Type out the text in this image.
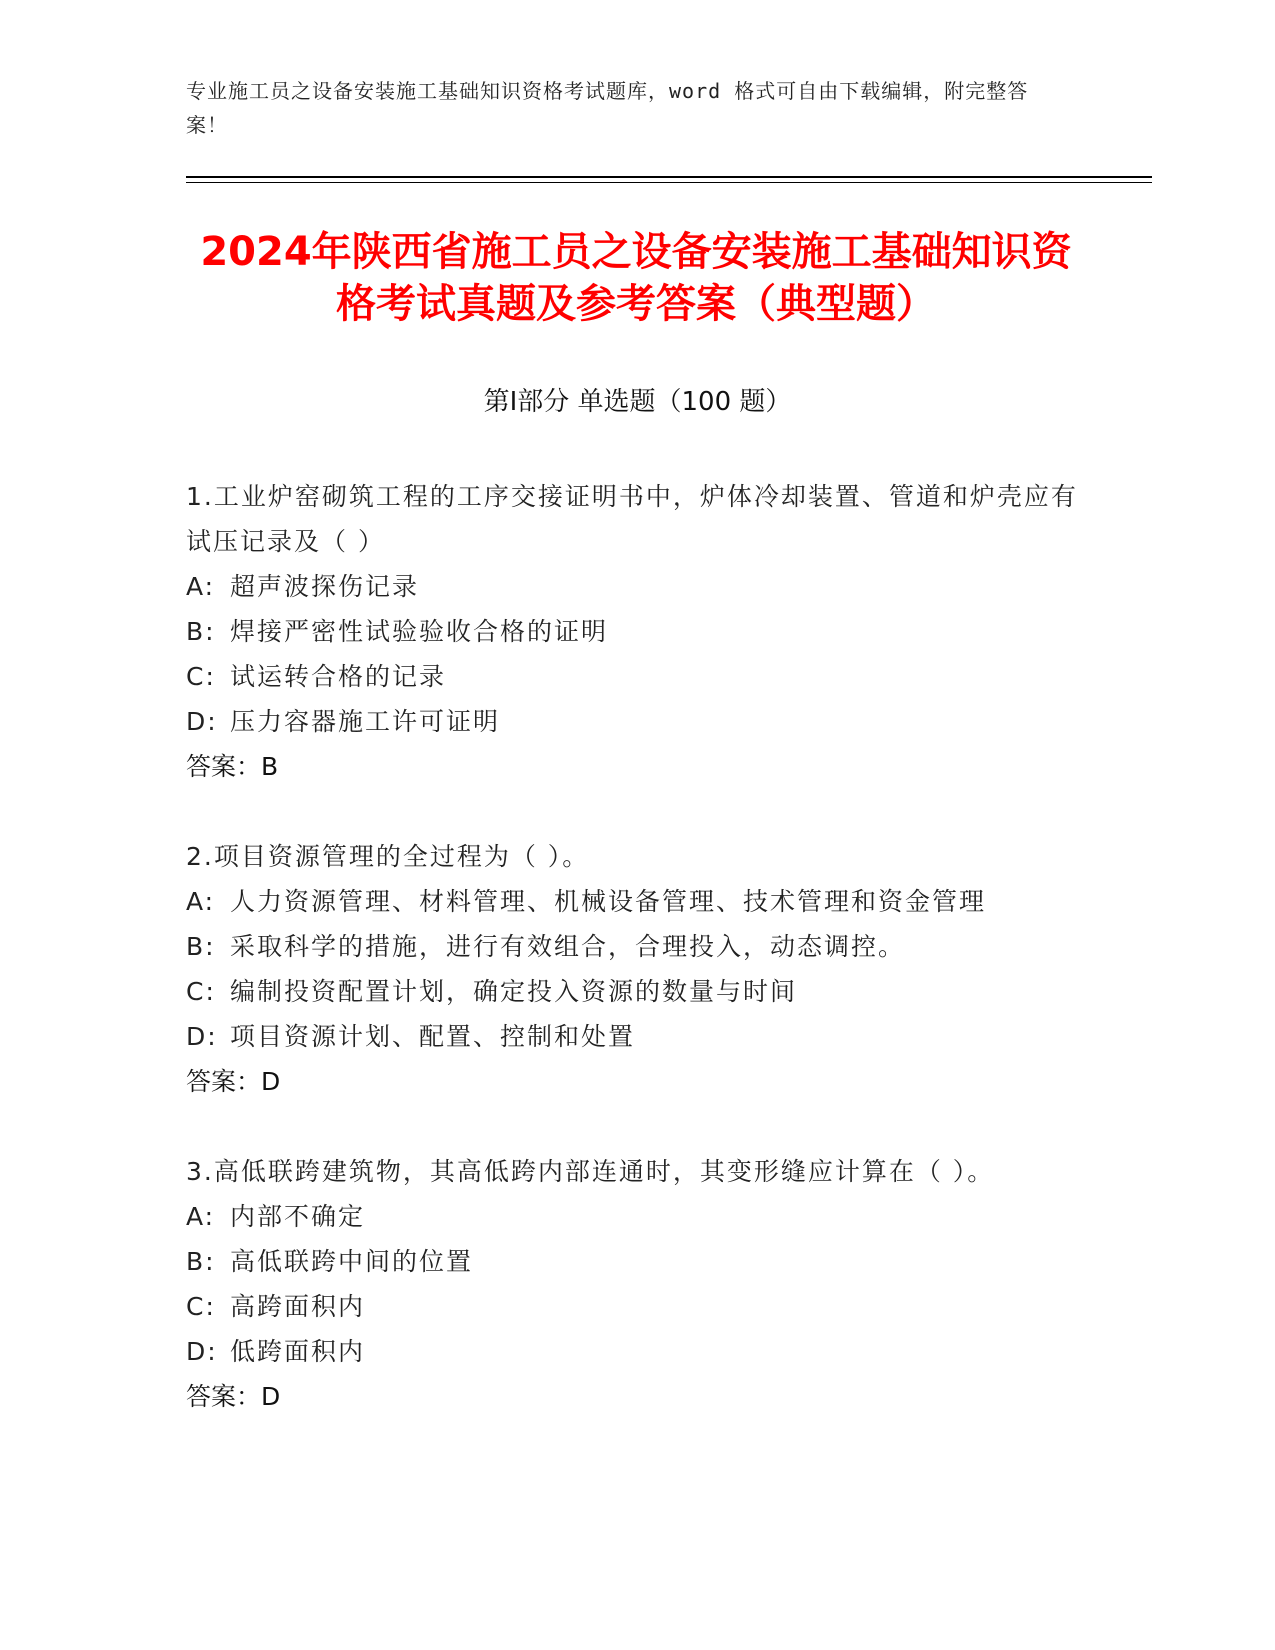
专业施工员之设备安装施工基础知识资格考试题库，word 格式可自由下载编辑，附完整答案！
2024年陕西省施工员之设备安装施工基础知识资格考试真题及参考答案（典型题）
第Ⅰ部分 单选题（100 题）
1.工业炉窑砌筑工程的工序交接证明书中，炉体冷却装置、管道和炉壳应有试压记录及（ ）
A: 超声波探伤记录
B: 焊接严密性试验验收合格的证明
C: 试运转合格的记录
D: 压力容器施工许可证明
答案：B
2.项目资源管理的全过程为（ ）。
A: 人力资源管理、材料管理、机械设备管理、技术管理和资金管理
B: 采取科学的措施，进行有效组合，合理投入，动态调控。
C: 编制投资配置计划，确定投入资源的数量与时间
D: 项目资源计划、配置、控制和处置
答案：D
3.高低联跨建筑物，其高低跨内部连通时，其变形缝应计算在（ ）。
A: 内部不确定
B: 高低联跨中间的位置
C: 高跨面积内
D: 低跨面积内
答案：D
